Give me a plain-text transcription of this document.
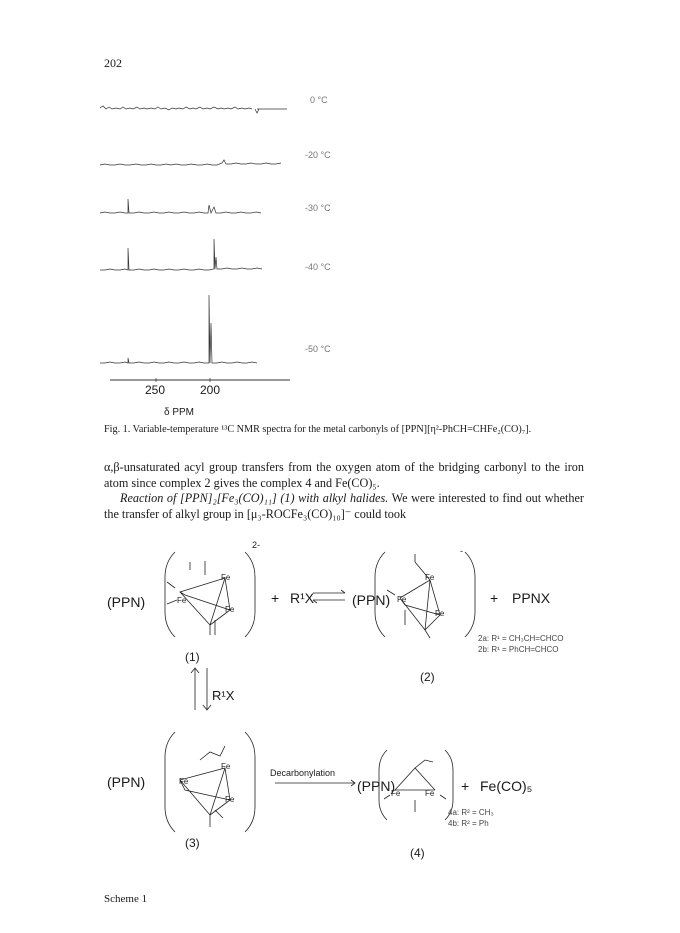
202
0 °C
-20 °C
-30 °C
-40 °C
-50 °C
250	200
δ PPM
Fig. 1. Variable-temperature ¹³C NMR spectra for the metal carbonyls of [PPN][η²-PhCH=CHFe₂(CO)₇].

α,β-unsaturated acyl group transfers from the oxygen atom of the bridging carbonyl to the iron atom since complex 2 gives the complex 4 and Fe(CO)₅.

Reaction of [PPN]₂[Fe₃(CO)₁₁] (1) with alkyl halides. We were interested to find out whether the transfer of alkyl group in [μ₃-ROCFe₃(CO)₁₀]⁻ could took

Fe
Fe
Fe
Fe
Fe
Fe
Fe
Fe
Fe
Fe	Fe
(PPN)
2-
+ R¹X	(PPN)
-
+ PPNX
2a: R¹ = CH₃CH=CHCO
2b: R¹ = PhCH=CHCO
(1)
(2)
R¹X
(PPN)
Decarbonylation
(PPN)	+ Fe(CO)₅
4a: R² = CH₃
4b: R² = Ph
(3)
(4)
Scheme 1
